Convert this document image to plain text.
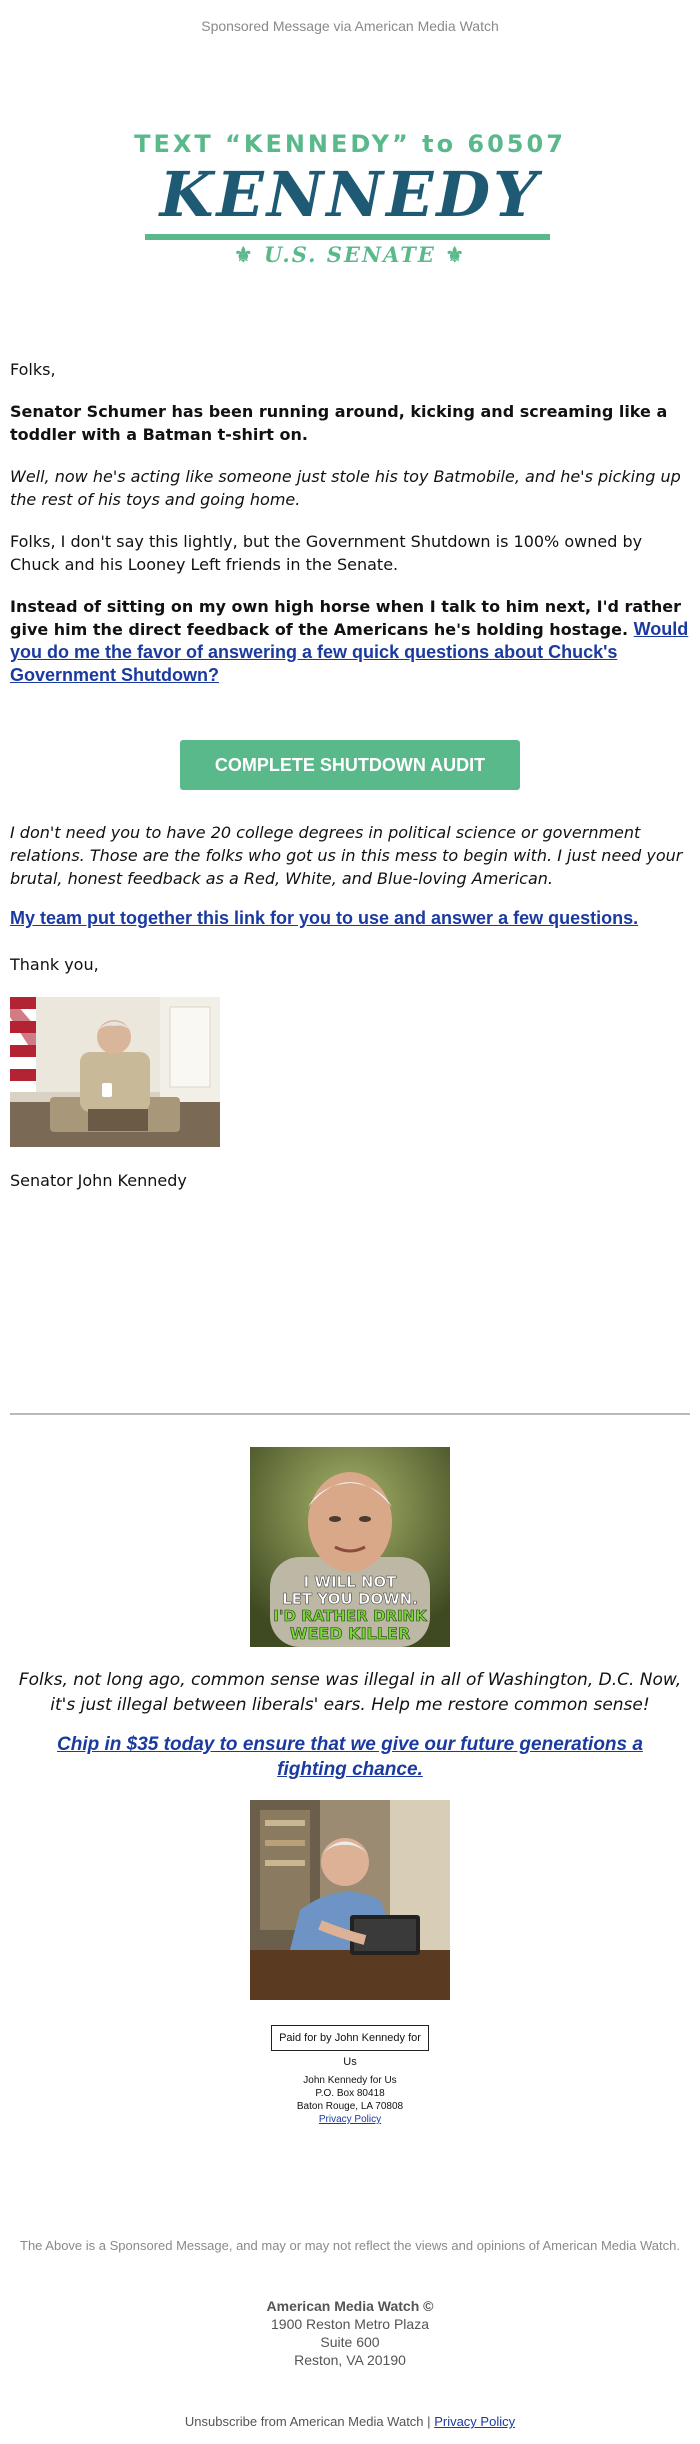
Sponsored Message via American Media Watch
TEXT “KENNEDY” to 60507
KENNEDY
⚜ U.S. SENATE ⚜
Folks,
Senator Schumer has been running around, kicking and screaming like a toddler with a Batman t-shirt on.
Well, now he's acting like someone just stole his toy Batmobile, and he's picking up the rest of his toys and going home.
Folks, I don't say this lightly, but the Government Shutdown is 100% owned by Chuck and his Looney Left friends in the Senate.
Instead of sitting on my own high horse when I talk to him next, I'd rather give him the direct feedback of the Americans he's holding hostage. Would you do me the favor of answering a few quick questions about Chuck's Government Shutdown?
COMPLETE SHUTDOWN AUDIT
I don't need you to have 20 college degrees in political science or government relations. Those are the folks who got us in this mess to begin with. I just need your brutal, honest feedback as a Red, White, and Blue-loving American.
My team put together this link for you to use and answer a few questions.
Thank you,
Senator John Kennedy
I WILL NOT
LET YOU DOWN.
I'D RATHER DRINK
WEED KILLER
Folks, not long ago, common sense was illegal in all of Washington, D.C. Now, it's just illegal between liberals' ears. Help me restore common sense!
Chip in $35 today to ensure that we give our future generations a fighting chance.
Paid for by John Kennedy for Us
John Kennedy for Us
P.O. Box 80418
Baton Rouge, LA 70808
Privacy Policy
The Above is a Sponsored Message, and may or may not reflect the views and opinions of American Media Watch.
American Media Watch ©
1900 Reston Metro Plaza
Suite 600
Reston, VA 20190
Unsubscribe from American Media Watch | Privacy Policy
